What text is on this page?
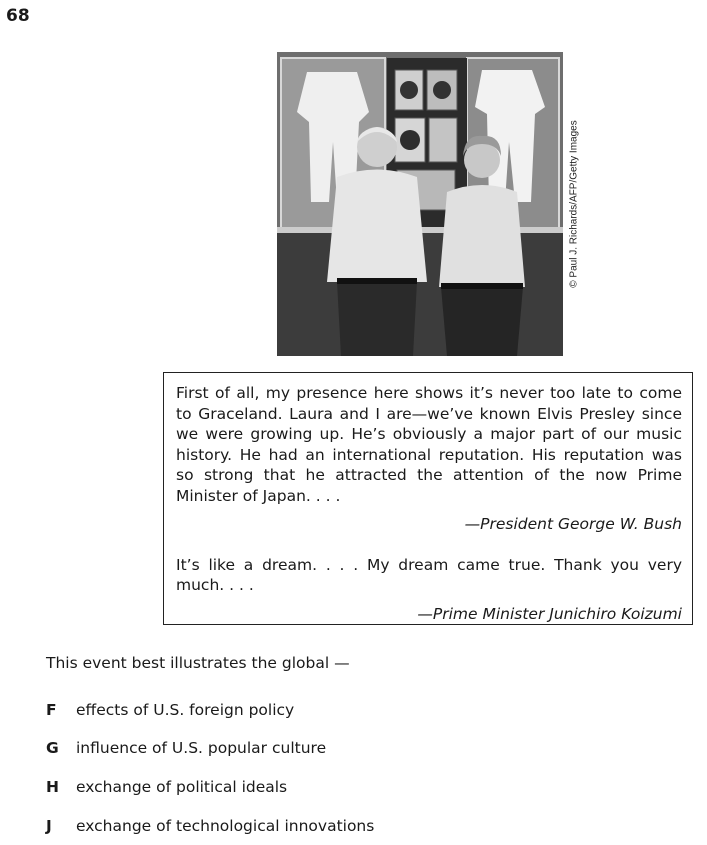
68
© Paul J. Richards/AFP/Getty Images

First of all, my presence here shows it’s never too late to come to Graceland. Laura and I are—we’ve known Elvis Presley since we were growing up. He’s obviously a major part of our music history. He had an international reputation. His reputation was so strong that he attracted the attention of the now Prime Minister of Japan. . . .

—President George W. Bush

It’s like a dream. . . . My dream came true. Thank you very much. . . .

—Prime Minister Junichiro Koizumi
This event best illustrates the global —
F effects of U.S. foreign policy
G influence of U.S. popular culture
H exchange of political ideals
J exchange of technological innovations
